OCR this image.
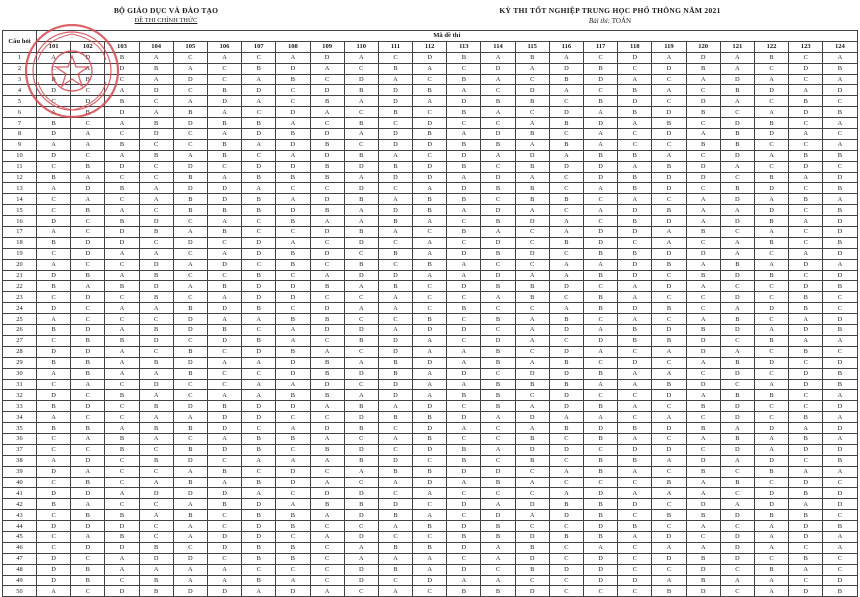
BỘ GIÁO DỤC VÀ ĐÀO TẠO
ĐỀ THI CHÍNH THỨC
KỲ THI TỐT NGHIỆP TRUNG HỌC PHỔ THÔNG NĂM 2021
Bài thi: TOÁN
Câu hỏi	Mã đề thi																							
	101	102	103	104	105	106	107	108	109	110	111	112	113	114	115	116	117	118	119	120	121	122	123	124
1	A	D	B	A	C	A	C	A	D	A	C	D	B	A	B	A	C	D	A	D	A	B	C	A
2	C	A	D	B	A	C	B	D	A	C	B	A	C	D	A	D	B	C	D	B	A	C	D	B
3	B	B	C	A	D	C	A	B	C	D	A	C	B	A	C	B	D	A	C	A	D	A	C	A
4	D	C	A	D	C	B	D	C	D	B	D	B	A	C	D	A	C	B	A	C	B	D	A	D
5	C	D	B	C	A	D	A	C	B	A	D	A	D	B	B	C	B	D	C	D	A	C	B	C
6	A	B	D	A	B	A	C	D	A	C	B	C	B	A	C	D	A	B	D	B	C	A	D	B
7	B	C	A	B	D	B	B	A	C	B	C	D	C	C	A	B	D	A	B	C	D	B	C	A
8	D	A	C	D	C	A	D	B	D	A	D	B	A	D	B	C	A	C	D	A	B	D	A	C
9	A	A	B	C	C	B	A	D	B	C	D	D	B	B	A	B	A	C	C	B	B	C	C	A
10	D	C	A	B	A	B	C	A	D	B	A	C	D	A	D	A	B	B	A	C	D	A	B	B
11	C	B	D	C	D	C	D	D	B	D	B	D	B	C	B	D	D	A	B	D	A	C	D	C
12	B	A	C	C	B	A	B	B	B	A	D	D	A	D	A	C	D	B	D	D	C	B	A	D
13	A	D	B	A	D	D	A	C	C	D	C	A	D	B	B	C	A	B	D	C	B	D	C	B
14	C	A	C	A	B	D	B	A	D	B	A	B	B	C	B	B	C	A	C	A	D	A	B	A
15	C	B	A	C	B	B	B	D	B	A	D	B	A	D	A	C	A	D	B	A	A	D	C	B
16	D	C	B	D	C	A	C	B	A	A	B	A	C	B	D	A	C	B	D	A	D	B	A	D
17	A	C	D	B	A	B	C	C	D	B	A	C	B	A	C	A	D	D	A	B	C	A	C	D
18	B	D	D	C	D	C	D	A	C	D	C	A	C	D	C	B	D	C	A	C	A	B	C	B
19	C	D	A	A	C	A	D	B	D	C	B	A	D	B	D	C	B	B	D	D	A	C	A	D
20	A	C	C	D	A	D	C	B	C	B	C	B	A	C	C	A	A	D	B	A	B	A	D	A
21	D	B	A	B	C	C	B	C	A	D	D	A	A	D	A	A	B	D	C	B	D	B	C	D
22	B	A	B	D	A	B	D	D	B	A	B	C	D	B	B	D	C	A	D	A	C	C	D	B
23	C	D	C	B	C	A	D	D	C	C	A	C	C	A	B	C	B	A	C	C	D	C	B	C
24	D	C	A	A	B	D	B	C	D	A	A	C	B	C	C	A	B	D	B	C	A	D	B	C
25	A	C	C	C	D	A	A	B	B	C	C	B	C	B	A	B	C	A	C	A	B	C	A	D
26	B	D	A	B	D	B	C	A	D	D	A	D	D	C	A	D	A	B	D	B	D	A	D	B
27	C	B	B	D	C	D	B	A	C	B	D	A	C	D	A	C	D	B	B	D	C	B	A	A
28	D	D	A	C	B	C	D	B	A	C	D	A	A	B	C	D	A	C	A	D	A	C	B	C
29	B	B	A	B	D	A	A	D	B	A	B	D	A	B	A	B	C	D	C	A	B	D	C	D
30	A	B	A	A	B	C	C	D	B	D	B	A	D	C	D	D	B	A	A	C	D	C	D	B
31	C	A	C	D	C	C	A	A	D	C	D	A	A	B	B	B	A	A	B	D	C	A	D	B
32	D	C	B	A	C	A	A	B	B	A	D	A	B	B	C	D	C	C	D	A	B	B	C	A
33	B	D	C	B	D	B	D	D	A	B	A	D	C	B	A	D	B	A	C	B	D	C	C	D
34	A	C	C	A	A	D	D	C	C	D	B	B	D	A	D	A	A	C	A	C	D	C	B	A
35	B	B	A	B	B	D	C	A	D	B	C	D	A	C	A	B	D	B	D	B	A	D	A	D
36	C	A	B	A	C	A	B	B	A	C	A	B	C	C	B	C	B	A	C	A	B	A	B	A
37	C	C	B	C	B	D	B	C	B	D	C	D	B	A	D	D	C	D	D	C	D	A	D	D
38	A	D	C	B	D	C	A	A	A	B	D	C	B	C	B	C	B	B	A	D	A	D	C	B
39	D	A	C	C	A	B	C	D	C	A	B	B	D	D	C	A	B	A	C	B	C	B	A	A
40	C	B	C	A	B	A	B	D	A	C	A	D	A	B	A	C	C	C	B	A	B	C	D	C
41	D	D	A	D	D	D	A	C	D	D	C	A	C	C	C	A	D	A	A	A	C	D	B	D
42	B	A	C	C	A	B	D	A	B	B	D	C	D	A	D	B	B	D	C	D	A	D	A	D
43	C	B	B	A	B	C	B	B	A	D	B	A	C	D	A	D	B	C	B	B	D	B	B	C
44	D	D	D	C	A	C	D	B	C	C	A	B	D	B	C	C	D	B	C	A	C	A	D	B
45	C	A	B	C	A	D	D	C	A	D	C	C	B	B	D	B	B	A	D	C	D	A	D	A
46	C	D	D	B	C	D	B	B	C	A	B	B	D	A	B	C	A	C	A	A	D	A	C	A
47	D	C	A	D	D	C	B	B	C	A	A	A	C	A	D	C	D	C	D	B	D	C	B	C
48	D	B	A	A	A	A	C	C	C	D	B	A	D	C	B	D	D	C	C	D	C	B	A	C
49	D	B	C	B	A	A	B	A	C	D	C	D	A	A	C	C	D	D	A	B	A	A	C	D
50	A	C	D	B	D	D	A	D	A	C	A	C	B	B	D	C	C	C	B	D	C	A	D	B
